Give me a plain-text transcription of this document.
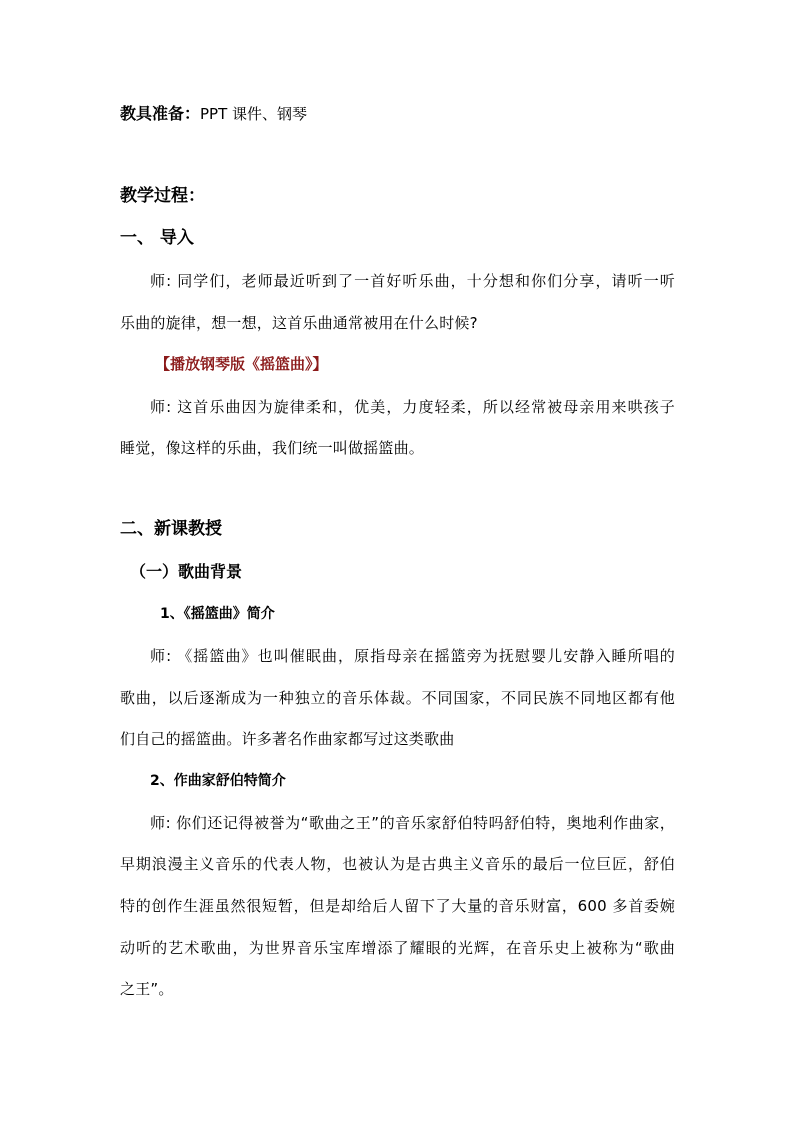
教具准备：PPT 课件、钢琴
教学过程：
一、 导入
师: 同学们，老师最近听到了一首好听乐曲，十分想和你们分享，请听一听
乐曲的旋律，想一想，这首乐曲通常被用在什么时候?
【播放钢琴版《摇篮曲》】
师: 这首乐曲因为旋律柔和，优美，力度轻柔，所以经常被母亲用来哄孩子
睡觉，像这样的乐曲，我们统一叫做摇篮曲。
二、新课教授
（一）歌曲背景
1、《摇篮曲》简介
师: 《摇篮曲》也叫催眠曲，原指母亲在摇篮旁为抚慰婴儿安静入睡所唱的
歌曲，以后逐渐成为一种独立的音乐体裁。不同国家，不同民族不同地区都有他
们自己的摇篮曲。许多著名作曲家都写过这类歌曲
2、作曲家舒伯特简介
师: 你们还记得被誉为“歌曲之王”的音乐家舒伯特吗舒伯特，奥地利作曲家，
早期浪漫主义音乐的代表人物，也被认为是古典主义音乐的最后一位巨匠，舒伯
特的创作生涯虽然很短暂，但是却给后人留下了大量的音乐财富，600 多首委婉
动听的艺术歌曲，为世界音乐宝库增添了耀眼的光辉，在音乐史上被称为“歌曲
之王”。
